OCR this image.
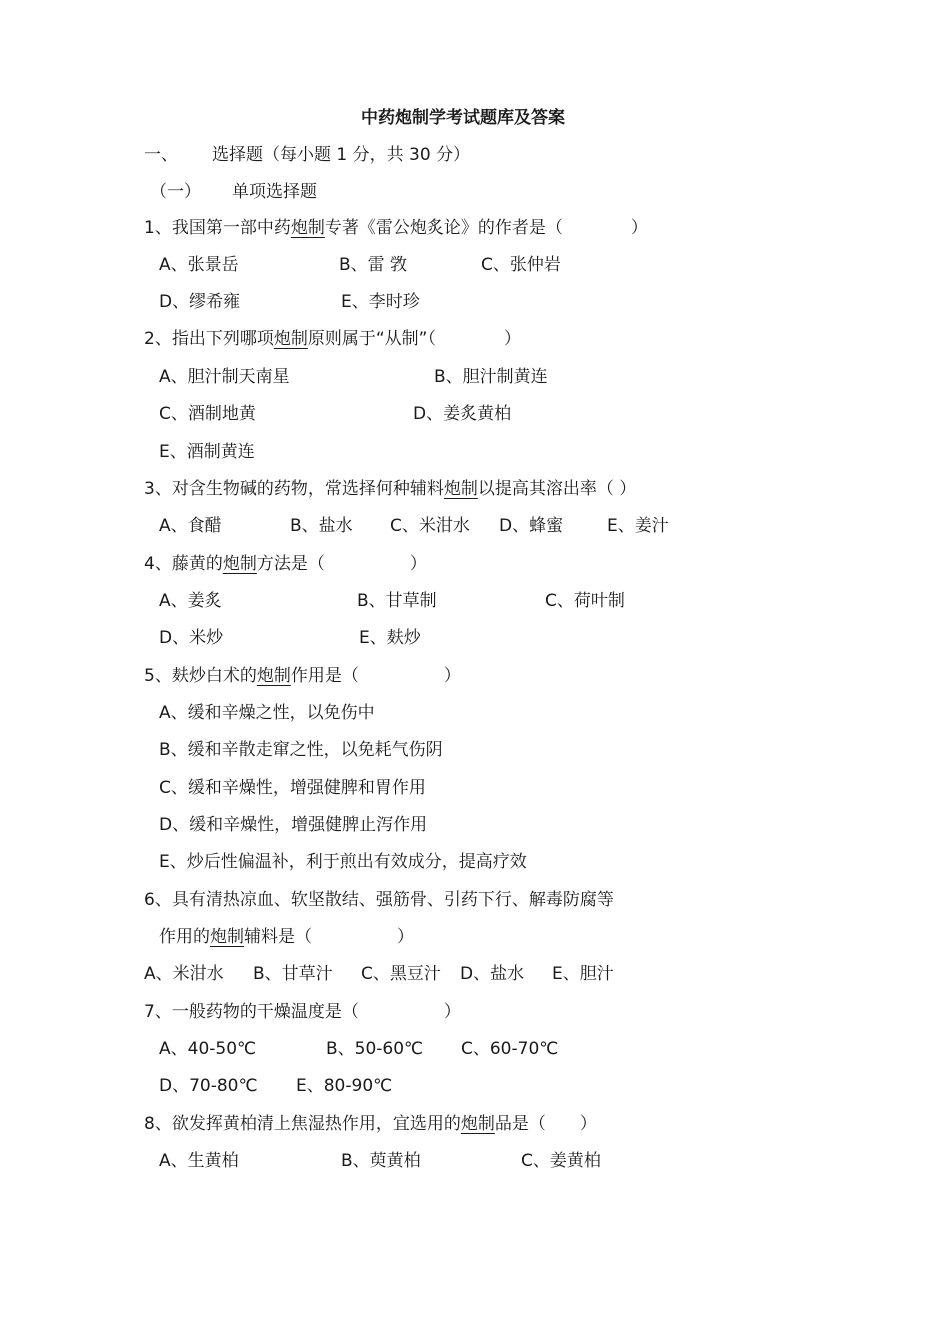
中药炮制学考试题库及答案
一、 选择题（每小题 1 分，共 30 分）
（一） 单项选择题
1、我国第一部中药炮制专著《雷公炮炙论》的作者是（　　　　）
A、张景岳	B、雷 敩	C、张仲岩
D、缪希雍	E、李时珍
2、指出下列哪项炮制原则属于“从制”（　　　　）
A、胆汁制天南星	B、胆汁制黄连
C、酒制地黄	D、姜炙黄柏
E、酒制黄连
3、对含生物碱的药物，常选择何种辅料炮制以提高其溶出率（ ）
A、食醋	B、盐水 C、米泔水 D、蜂蜜	E、姜汁
4、藤黄的炮制方法是（　　　　　）
A、姜炙	B、甘草制	C、荷叶制
D、米炒	E、麸炒
5、麸炒白术的炮制作用是（　　　　　）
A、缓和辛燥之性，以免伤中
B、缓和辛散走窜之性，以免耗气伤阴
C、缓和辛燥性，增强健脾和胃作用
D、缓和辛燥性，增强健脾止泻作用
E、炒后性偏温补，利于煎出有效成分，提高疗效
6、具有清热凉血、软坚散结、强筋骨、引药下行、解毒防腐等
作用的炮制辅料是（　　　　　）
A、米泔水 B、甘草汁 C、黑豆汁 D、盐水 E、胆汁
7、一般药物的干燥温度是（　　　　　）
A、40-50℃	B、50-60℃ C、60-70℃
D、70-80℃ E、80-90℃
8、欲发挥黄柏清上焦湿热作用，宜选用的炮制品是（　　）
A、生黄柏	B、萸黄柏	C、姜黄柏
